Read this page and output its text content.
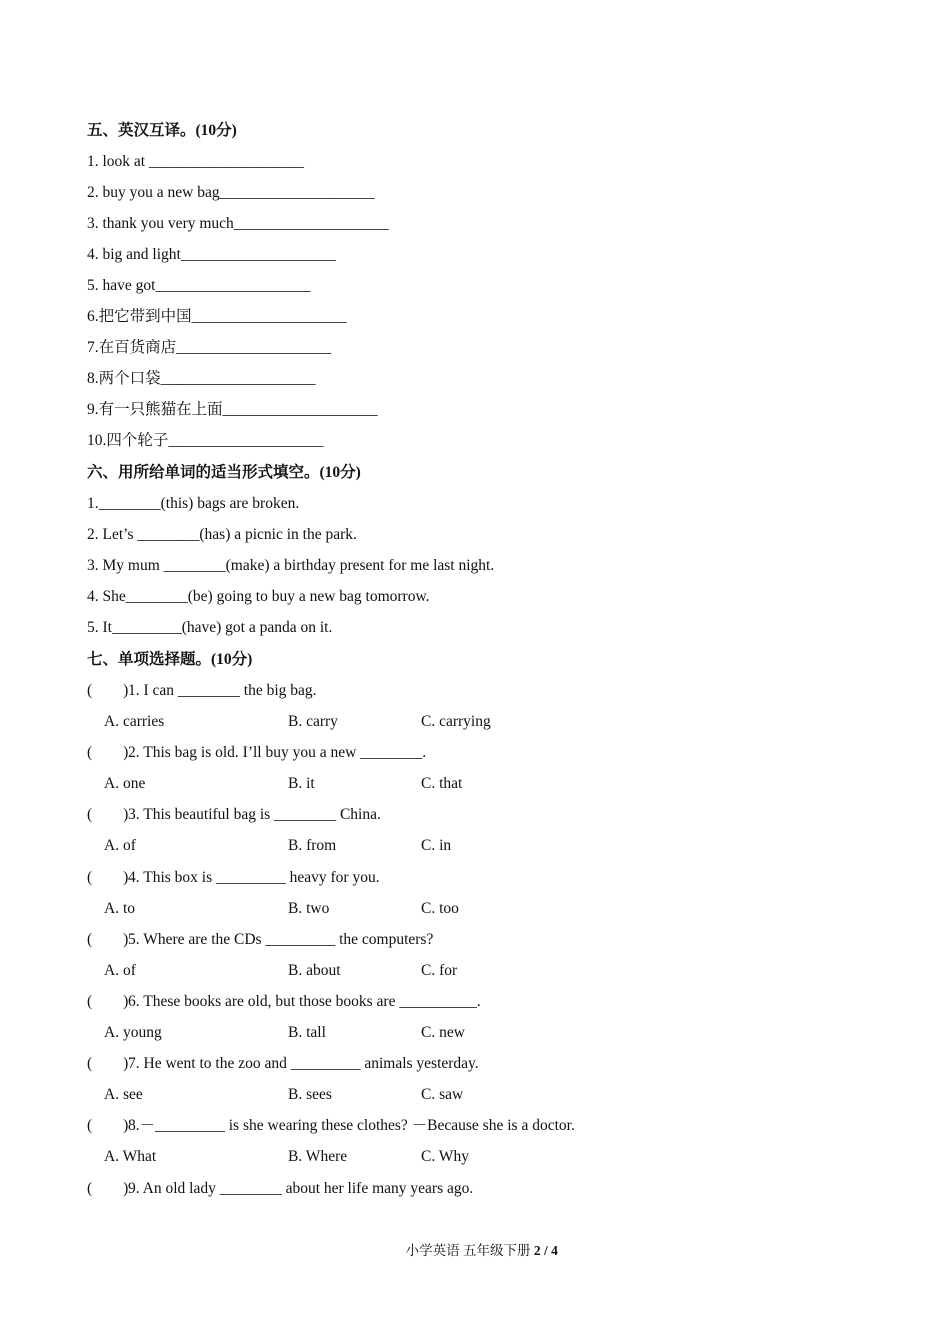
五、英汉互译。(10分)
1. look at ____________________
2. buy you a new bag____________________
3. thank you very much____________________
4. big and light____________________
5. have got____________________
6.把它带到中国____________________
7.在百货商店____________________
8.两个口袋____________________
9.有一只熊猫在上面____________________
10.四个轮子____________________
六、用所给单词的适当形式填空。(10分)
1.________(this) bags are broken.
2. Let’s ________(has) a picnic in the park.
3. My mum ________(make) a birthday present for me last night.
4. She________(be) going to buy a new bag tomorrow.
5. It_________(have) got a panda on it.
七、单项选择题。(10分)
(        ) 1. I can ________ the big bag.
A. carries	B. carry	C. carrying
(        ) 2. This bag is old. I’ll buy you a new ________.
A. one	B. it	C. that
(        ) 3. This beautiful bag is ________ China.
A. of	B. from	C. in
(        ) 4. This box is _________ heavy for you.
A. to	B. two	C. too
(        ) 5. Where are the CDs _________ the computers?
A. of	B. about	C. for
(        ) 6. These books are old, but those books are __________.
A. young	B. tall	C. new
(        ) 7. He went to the zoo and _________ animals yesterday.
A. see	B. sees	C. saw
(        ) 8.－_________ is she wearing these clothes? －Because she is a doctor.
A. What	B. Where	C. Why
(        ) 9. An old lady ________ about her life many years ago.

小学英语 五年级下册 2 / 4
